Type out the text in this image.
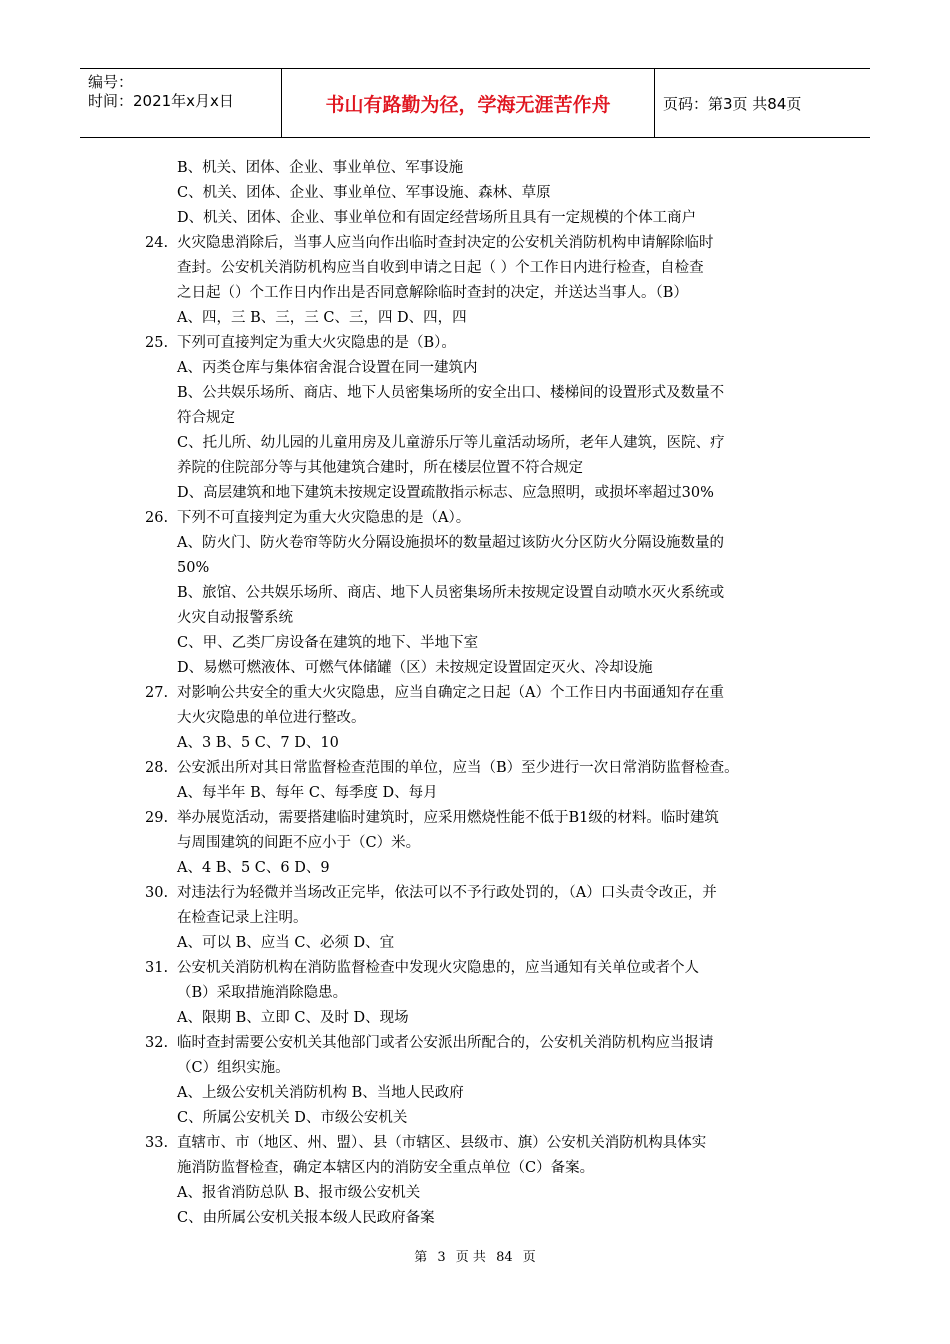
编号：
时间：2021年x月x日	书山有路勤为径，学海无涯苦作舟	页码：第3页 共84页
B、机关、团体、企业、事业单位、军事设施
C、机关、团体、企业、事业单位、军事设施、森林、草原
D、机关、团体、企业、事业单位和有固定经营场所且具有一定规模的个体工商户
24. 火灾隐患消除后，当事人应当向作出临时查封决定的公安机关消防机构申请解除临时
查封。公安机关消防机构应当自收到申请之日起（ ）个工作日内进行检查，自检查
之日起（）个工作日内作出是否同意解除临时查封的决定，并送达当事人。（B）
A、四，三 B、三，三 C、三，四 D、四，四
25. 下列可直接判定为重大火灾隐患的是（B）。
A、丙类仓库与集体宿舍混合设置在同一建筑内
B、公共娱乐场所、商店、地下人员密集场所的安全出口、楼梯间的设置形式及数量不
符合规定
C、托儿所、幼儿园的儿童用房及儿童游乐厅等儿童活动场所，老年人建筑，医院、疗
养院的住院部分等与其他建筑合建时，所在楼层位置不符合规定
D、高层建筑和地下建筑未按规定设置疏散指示标志、应急照明，或损坏率超过30%
26. 下列不可直接判定为重大火灾隐患的是（A）。
A、防火门、防火卷帘等防火分隔设施损坏的数量超过该防火分区防火分隔设施数量的
50%
B、旅馆、公共娱乐场所、商店、地下人员密集场所未按规定设置自动喷水灭火系统或
火灾自动报警系统
C、甲、乙类厂房设备在建筑的地下、半地下室
D、易燃可燃液体、可燃气体储罐（区）未按规定设置固定灭火、冷却设施
27. 对影响公共安全的重大火灾隐患，应当自确定之日起（A）个工作日内书面通知存在重
大火灾隐患的单位进行整改。
A、3 B、5 C、7 D、10
28. 公安派出所对其日常监督检查范围的单位，应当（B）至少进行一次日常消防监督检查。
A、每半年 B、每年 C、每季度 D、每月
29. 举办展览活动，需要搭建临时建筑时，应采用燃烧性能不低于B1级的材料。临时建筑
与周围建筑的间距不应小于（C）米。
A、4 B、5 C、6 D、9
30. 对违法行为轻微并当场改正完毕，依法可以不予行政处罚的，（A）口头责令改正，并
在检查记录上注明。
A、可以 B、应当 C、必须 D、宜
31. 公安机关消防机构在消防监督检查中发现火灾隐患的，应当通知有关单位或者个人
（B）采取措施消除隐患。
A、限期 B、立即 C、及时 D、现场
32. 临时查封需要公安机关其他部门或者公安派出所配合的，公安机关消防机构应当报请
（C）组织实施。
A、上级公安机关消防机构 B、当地人民政府
C、所属公安机关 D、市级公安机关
33. 直辖市、市（地区、州、盟）、县（市辖区、县级市、旗）公安机关消防机构具体实
施消防监督检查，确定本辖区内的消防安全重点单位（C）备案。
A、报省消防总队 B、报市级公安机关
C、由所属公安机关报本级人民政府备案
第 3 页 共 84 页
